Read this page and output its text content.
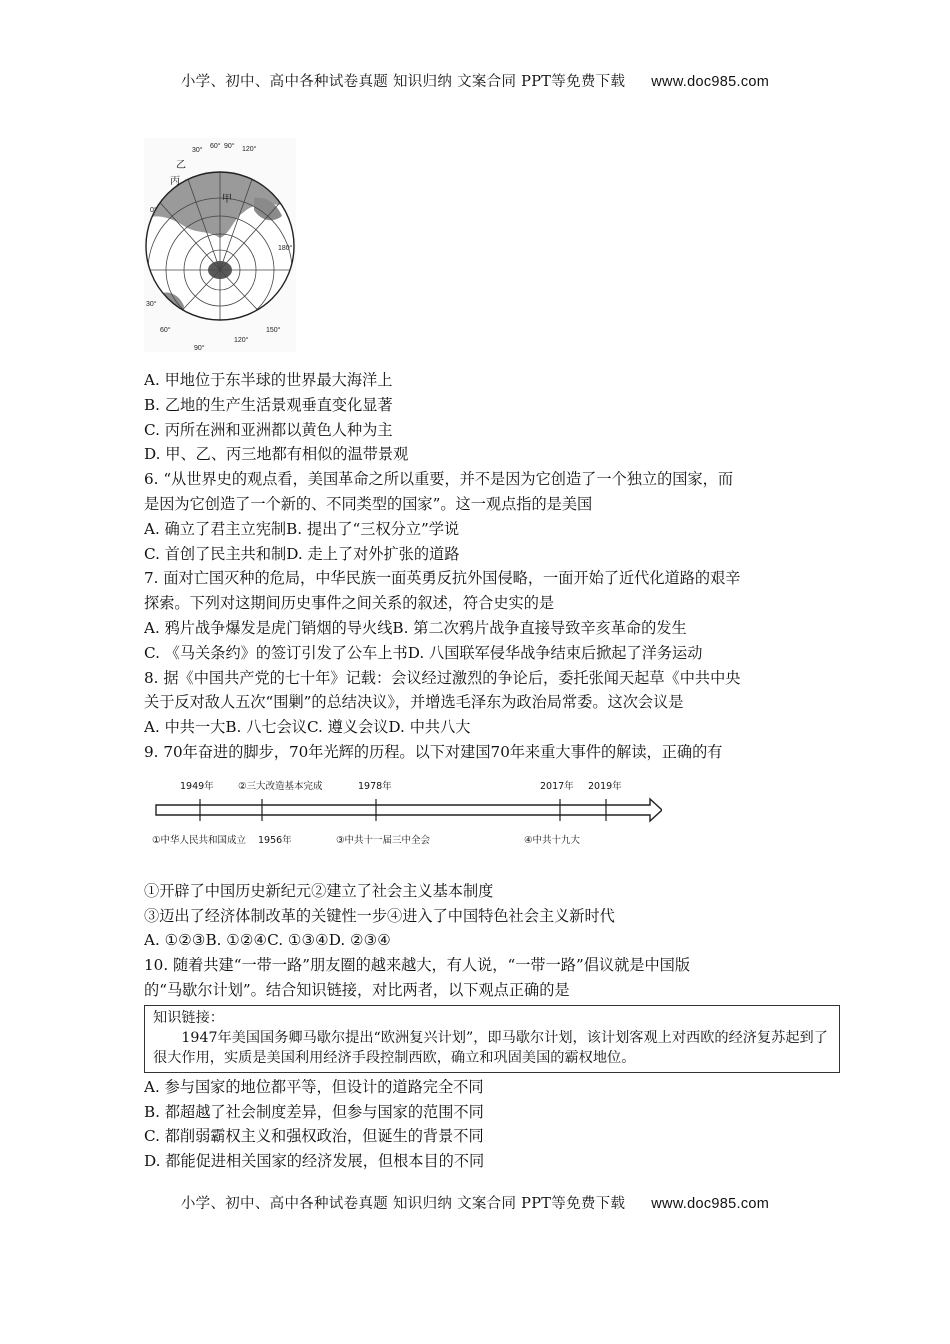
小学、初中、高中各种试卷真题 知识归纳 文案合同 PPT等免费下载 www.doc985.com
30°
60° 90° 120°
0°
30°
60°
180°
150°
120°
90°
丙
乙
甲
A. 甲地位于东半球的世界最大海洋上
B. 乙地的生产生活景观垂直变化显著
C. 丙所在洲和亚洲都以黄色人种为主
D. 甲、乙、丙三地都有相似的温带景观
6. “从世界史的观点看，美国革命之所以重要，并不是因为它创造了一个独立的国家，而
是因为它创造了一个新的、不同类型的国家”。这一观点指的是美国
A. 确立了君主立宪制B. 提出了“三权分立”学说
C. 首创了民主共和制D. 走上了对外扩张的道路
7. 面对亡国灭种的危局，中华民族一面英勇反抗外国侵略，一面开始了近代化道路的艰辛
探索。下列对这期间历史事件之间关系的叙述，符合史实的是
A. 鸦片战争爆发是虎门销烟的导火线B. 第二次鸦片战争直接导致辛亥革命的发生
C. 《马关条约》的签订引发了公车上书D. 八国联军侵华战争结束后掀起了洋务运动
8. 据《中国共产党的七十年》记载：会议经过激烈的争论后，委托张闻天起草《中共中央
关于反对敌人五次“围剿”的总结决议》，并增选毛泽东为政治局常委。这次会议是
A. 中共一大B. 八七会议C. 遵义会议D. 中共八大
9. 70年奋进的脚步，70年光辉的历程。以下对建国70年来重大事件的解读，正确的有
1949年	②三大改造基本完成	1978年	2017年 2019年
①中华人民共和国成立 1956年	③中共十一届三中全会	④中共十九大
①开辟了中国历史新纪元②建立了社会主义基本制度
③迈出了经济体制改革的关键性一步④进入了中国特色社会主义新时代
A. ①②③B. ①②④C. ①③④D. ②③④
10. 随着共建“一带一路”朋友圈的越来越大，有人说，“一带一路”倡议就是中国版
的“马歇尔计划”。结合知识链接，对比两者，以下观点正确的是
知识链接：
1947年美国国务卿马歇尔提出“欧洲复兴计划”，即马歇尔计划，该计划客观上对西欧的经济复苏起到了很大作用，实质是美国利用经济手段控制西欧，确立和巩固美国的霸权地位。
A. 参与国家的地位都平等，但设计的道路完全不同
B. 都超越了社会制度差异，但参与国家的范围不同
C. 都削弱霸权主义和强权政治，但诞生的背景不同
D. 都能促进相关国家的经济发展，但根本目的不同
小学、初中、高中各种试卷真题 知识归纳 文案合同 PPT等免费下载 www.doc985.com
